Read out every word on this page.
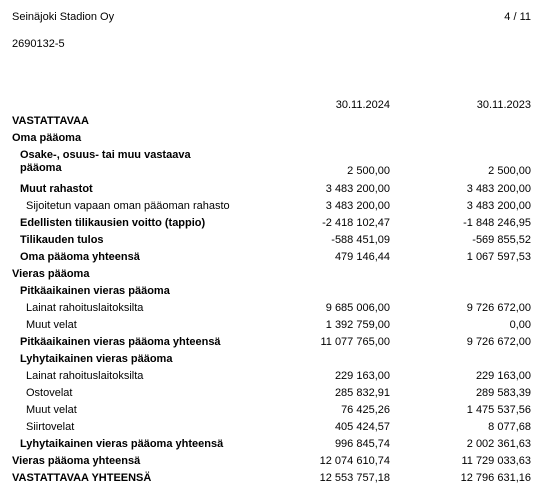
Seinäjoki Stadion Oy	4 / 11
2690132-5
30.11.2024	30.11.2023
VASTATTAVAA
Oma pääoma
Osake-, osuus- tai muu vastaava pääoma	2 500,00	2 500,00
Muut rahastot	3 483 200,00	3 483 200,00
Sijoitetun vapaan oman pääoman rahasto	3 483 200,00	3 483 200,00
Edellisten tilikausien voitto (tappio)	-2 418 102,47	-1 848 246,95
Tilikauden tulos	-588 451,09	-569 855,52
Oma pääoma yhteensä	479 146,44	1 067 597,53
Vieras pääoma
Pitkäaikainen vieras pääoma
Lainat rahoituslaitoksilta	9 685 006,00	9 726 672,00
Muut velat	1 392 759,00	0,00
Pitkäaikainen vieras pääoma yhteensä	11 077 765,00	9 726 672,00
Lyhytaikainen vieras pääoma
Lainat rahoituslaitoksilta	229 163,00	229 163,00
Ostovelat	285 832,91	289 583,39
Muut velat	76 425,26	1 475 537,56
Siirtovelat	405 424,57	8 077,68
Lyhytaikainen vieras pääoma yhteensä	996 845,74	2 002 361,63
Vieras pääoma yhteensä	12 074 610,74	11 729 033,63
VASTATTAVAA YHTEENSÄ	12 553 757,18	12 796 631,16
